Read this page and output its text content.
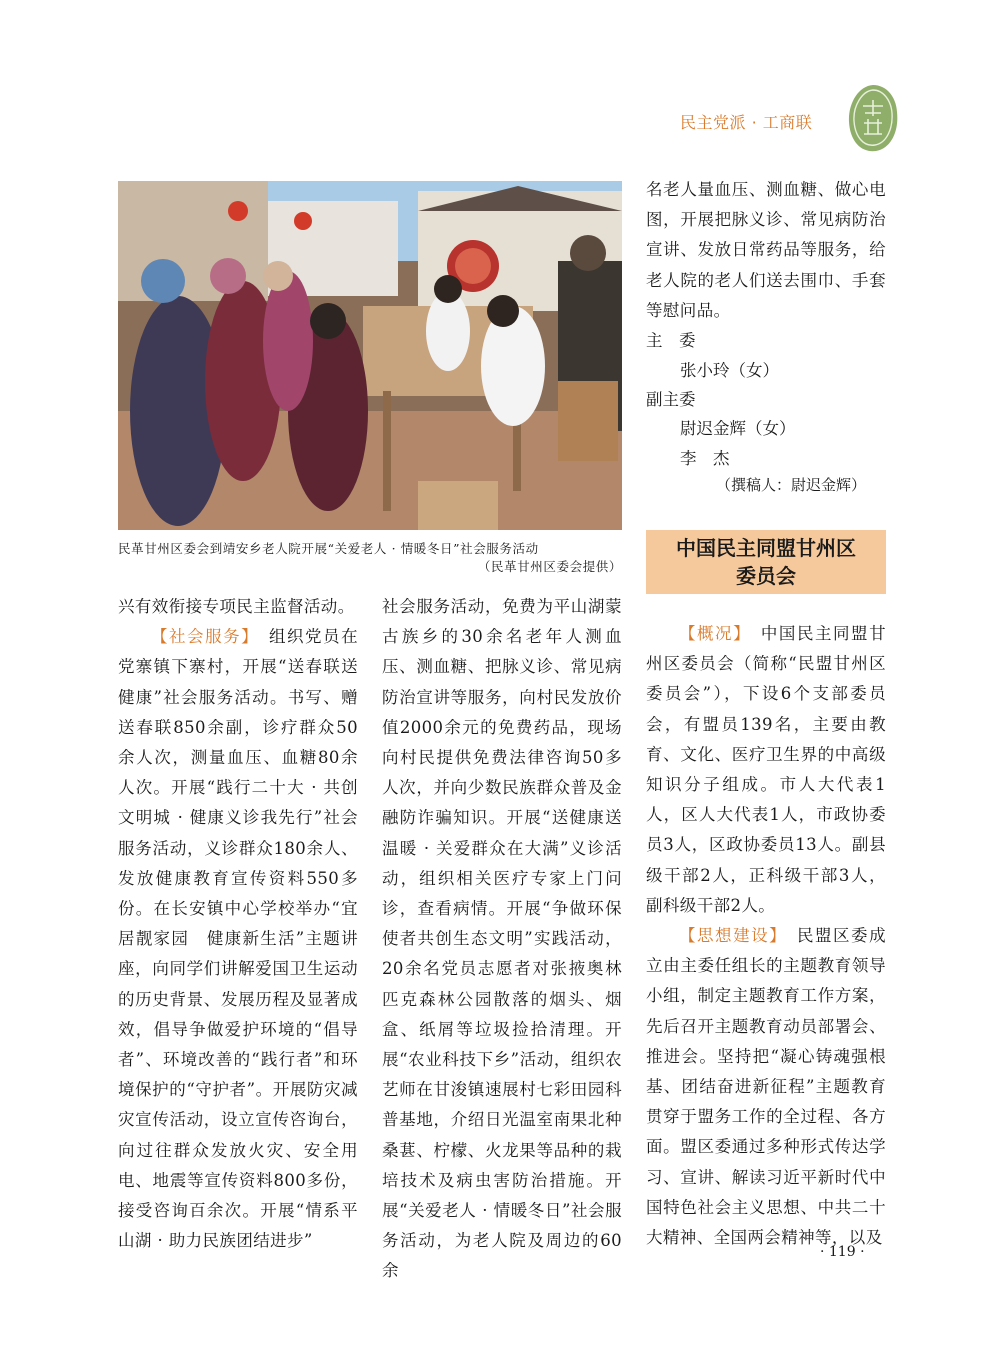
民主党派 · 工商联
民革甘州区委会到靖安乡老人院开展“关爱老人 · 情暖冬日”社会服务活动
（民革甘州区委会提供）

兴有效衔接专项民主监督活动。

【社会服务】　组织党员在党寨镇下寨村，开展“送春联送健康”社会服务活动。书写、赠送春联850余副，诊疗群众50余人次，测量血压、血糖80余人次。开展“践行二十大 · 共创文明城 · 健康义诊我先行”社会服务活动，义诊群众180余人、发放健康教育宣传资料550多份。在长安镇中心学校举办“宜居靓家园　健康新生活”主题讲座，向同学们讲解爱国卫生运动的历史背景、发展历程及显著成效，倡导争做爱护环境的“倡导者”、环境改善的“践行者”和环境保护的“守护者”。开展防灾减灾宣传活动，设立宣传咨询台，向过往群众发放火灾、安全用电、地震等宣传资料800多份，接受咨询百余次。开展“情系平山湖 · 助力民族团结进步”

社会服务活动，免费为平山湖蒙古族乡的30余名老年人测血压、测血糖、把脉义诊、常见病防治宣讲等服务，向村民发放价值2000余元的免费药品，现场向村民提供免费法律咨询50多人次，并向少数民族群众普及金融防诈骗知识。开展“送健康送温暖 · 关爱群众在大满”义诊活动，组织相关医疗专家上门问诊，查看病情。开展“争做环保使者共创生态文明”实践活动，20余名党员志愿者对张掖奥林匹克森林公园散落的烟头、烟盒、纸屑等垃圾捡拾清理。开展“农业科技下乡”活动，组织农艺师在甘浚镇速展村七彩田园科普基地，介绍日光温室南果北种桑葚、柠檬、火龙果等品种的栽培技术及病虫害防治措施。开展“关爱老人 · 情暖冬日”社会服务活动，为老人院及周边的60余

名老人量血压、测血糖、做心电图，开展把脉义诊、常见病防治宣讲、发放日常药品等服务，给老人院的老人们送去围巾、手套等慰问品。

主　委
张小玲（女）
副主委
尉迟金辉（女）
李　杰
（撰稿人：尉迟金辉）
中国民主同盟甘州区
委员会

【概况】　中国民主同盟甘州区委员会（简称“民盟甘州区委员会”），下设6个支部委员会，有盟员139名，主要由教育、文化、医疗卫生界的中高级知识分子组成。市人大代表1人，区人大代表1人，市政协委员3人，区政协委员13人。副县级干部2人，正科级干部3人，副科级干部2人。

【思想建设】　民盟区委成立由主委任组长的主题教育领导小组，制定主题教育工作方案，先后召开主题教育动员部署会、推进会。坚持把“凝心铸魂强根基、团结奋进新征程”主题教育贯穿于盟务工作的全过程、各方面。盟区委通过多种形式传达学习、宣讲、解读习近平新时代中国特色社会主义思想、中共二十大精神、全国两会精神等，以及

· 119 ·
